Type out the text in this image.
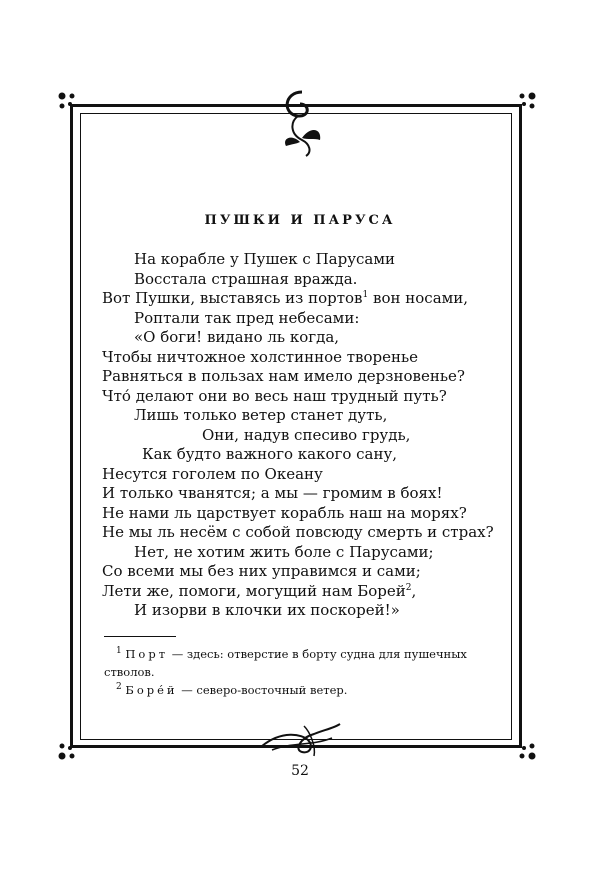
ПУШКИ И ПАРУСА
На корабле у Пушек с Парусами
Восстала страшная вражда.
Вот Пушки, выставясь из портов$^1$ вон носами,
Роптали так пред небесами:
«О боги! видано ль когда,
Чтобы ничтожное холстинное творенье
Равняться в пользах нам имело дерзновенье?
Что́ делают они во весь наш трудный путь?
Лишь только ветер станет дуть,
Они, надув спесиво грудь,
Как будто важного какого сану,
Несутся гоголем по Океану
И только чванятся; а мы — громим в боях!
Не нами ль царствует корабль наш на морях?
Не мы ль несём с собой повсюду смерть и страх?
Нет, не хотим жить боле с Парусами;
Со всеми мы без них управимся и сами;
Лети же, помоги, могущий нам Борей$^2$,
И изорви в клочки их поскорей!»
$^1$ Порт — здесь: отверстие в борту судна для пушечных
стволов.
$^2$ Боре́й — северо-восточный ветер.
52
